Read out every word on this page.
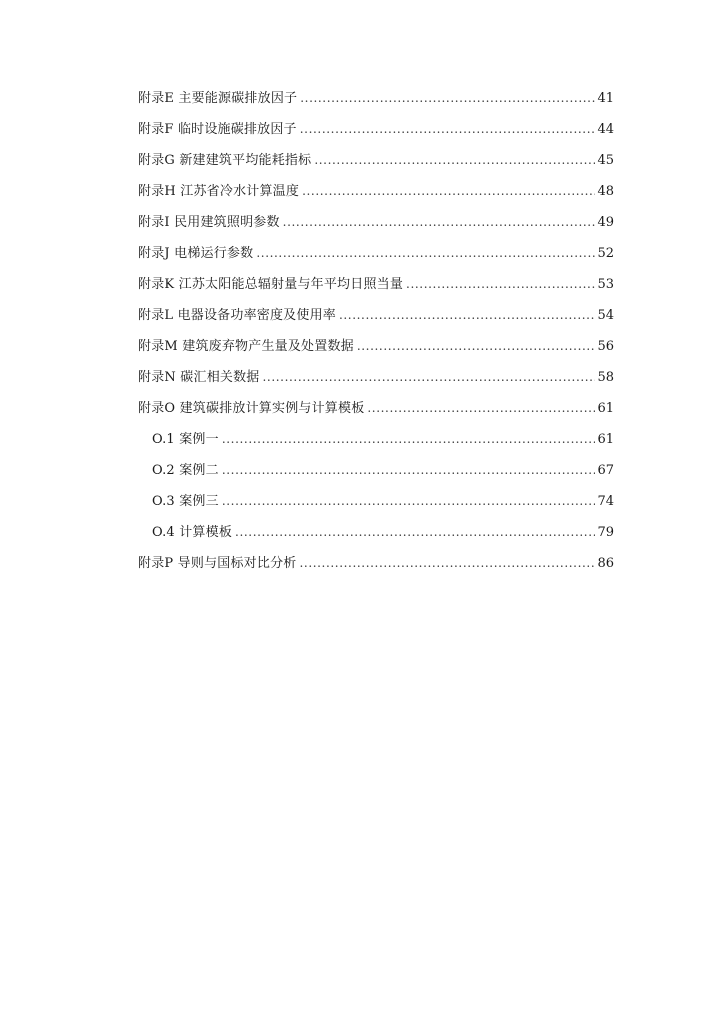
附录E 主要能源碳排放因子 .....	41
附录F 临时设施碳排放因子 .....	44
附录G 新建建筑平均能耗指标 .....	45
附录H 江苏省冷水计算温度 .....	48
附录I 民用建筑照明参数 .....	49
附录J 电梯运行参数 .....	52
附录K 江苏太阳能总辐射量与年平均日照当量 .....	53
附录L 电器设备功率密度及使用率 .....	54
附录M 建筑废弃物产生量及处置数据 .....	56
附录N 碳汇相关数据 .....	58
附录O 建筑碳排放计算实例与计算模板 .....	61
O.1 案例一 .....	61
O.2 案例二 .....	67
O.3 案例三 .....	74
O.4 计算模板 .....	79
附录P 导则与国标对比分析 .....	86
